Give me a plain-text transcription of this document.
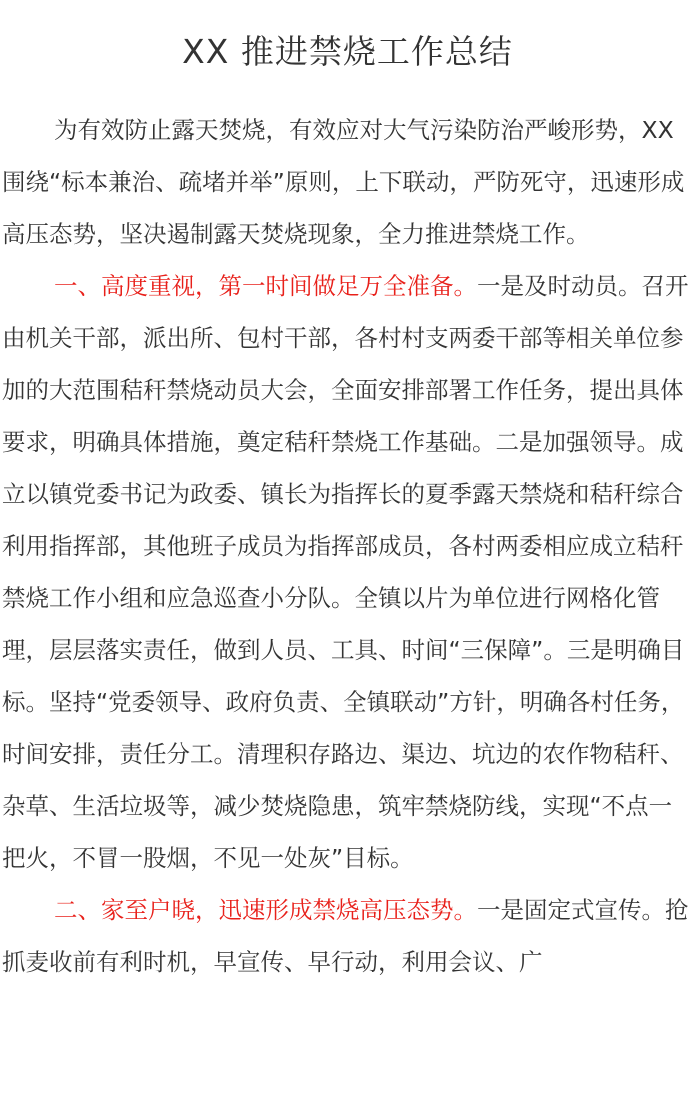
XX 推进禁烧工作总结

为有效防止露天焚烧，有效应对大气污染防治严峻形势，XX 围绕“标本兼治、疏堵并举”原则，上下联动，严防死守，迅速形成高压态势，坚决遏制露天焚烧现象，全力推进禁烧工作。

一、高度重视，第一时间做足万全准备。一是及时动员。召开由机关干部，派出所、包村干部，各村村支两委干部等相关单位参加的大范围秸秆禁烧动员大会，全面安排部署工作任务，提出具体要求，明确具体措施，奠定秸秆禁烧工作基础。二是加强领导。成立以镇党委书记为政委、镇长为指挥长的夏季露天禁烧和秸秆综合利用指挥部，其他班子成员为指挥部成员，各村两委相应成立秸秆禁烧工作小组和应急巡查小分队。全镇以片为单位进行网格化管理，层层落实责任，做到人员、工具、时间“三保障”。三是明确目标。坚持“党委领导、政府负责、全镇联动”方针，明确各村任务，时间安排，责任分工。清理积存路边、渠边、坑边的农作物秸秆、杂草、生活垃圾等，减少焚烧隐患，筑牢禁烧防线，实现“不点一把火，不冒一股烟，不见一处灰”目标。

二、家至户晓，迅速形成禁烧高压态势。一是固定式宣传。抢抓麦收前有利时机，早宣传、早行动，利用会议、广
